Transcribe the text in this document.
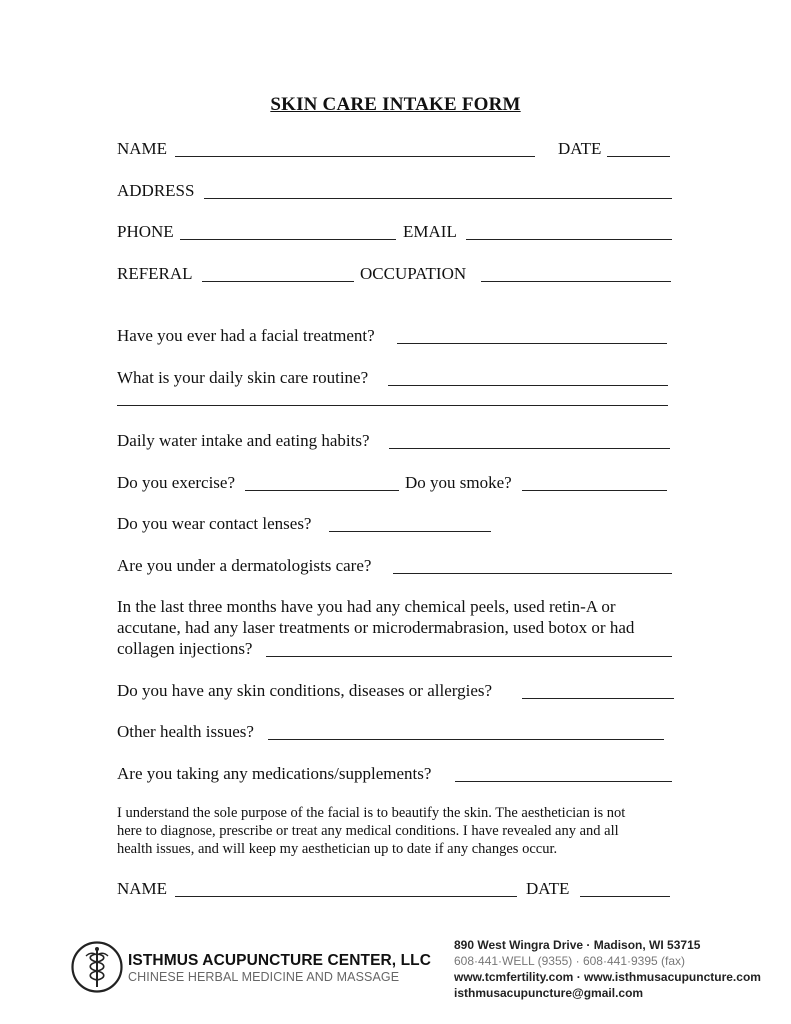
SKIN CARE INTAKE FORM
NAME	DATE
ADDRESS
PHONE	EMAIL
REFERAL	OCCUPATION
Have you ever had a facial treatment?
What is your daily skin care routine?
Daily water intake and eating habits?
Do you exercise?	Do you smoke?
Do you wear contact lenses?
Are you under a dermatologists care?
In the last three months have you had any chemical peels, used retin-A or
accutane, had any laser treatments or microdermabrasion, used botox or had
collagen injections?
Do you have any skin conditions, diseases or allergies?
Other health issues?
Are you taking any medications/supplements?
I understand the sole purpose of the facial is to beautify the skin. The aesthetician is not
here to diagnose, prescribe or treat any medical conditions. I have revealed any and all
health issues, and will keep my aesthetician up to date if any changes occur.
NAME	DATE
ISTHMUS ACUPUNCTURE CENTER, LLC
CHINESE HERBAL MEDICINE AND MASSAGE
890 West Wingra Drive · Madison, WI 53715
608·441·WELL (9355) · 608·441·9395 (fax)
www.tcmfertility.com · www.isthmusacupuncture.com
isthmusacupuncture@gmail.com
